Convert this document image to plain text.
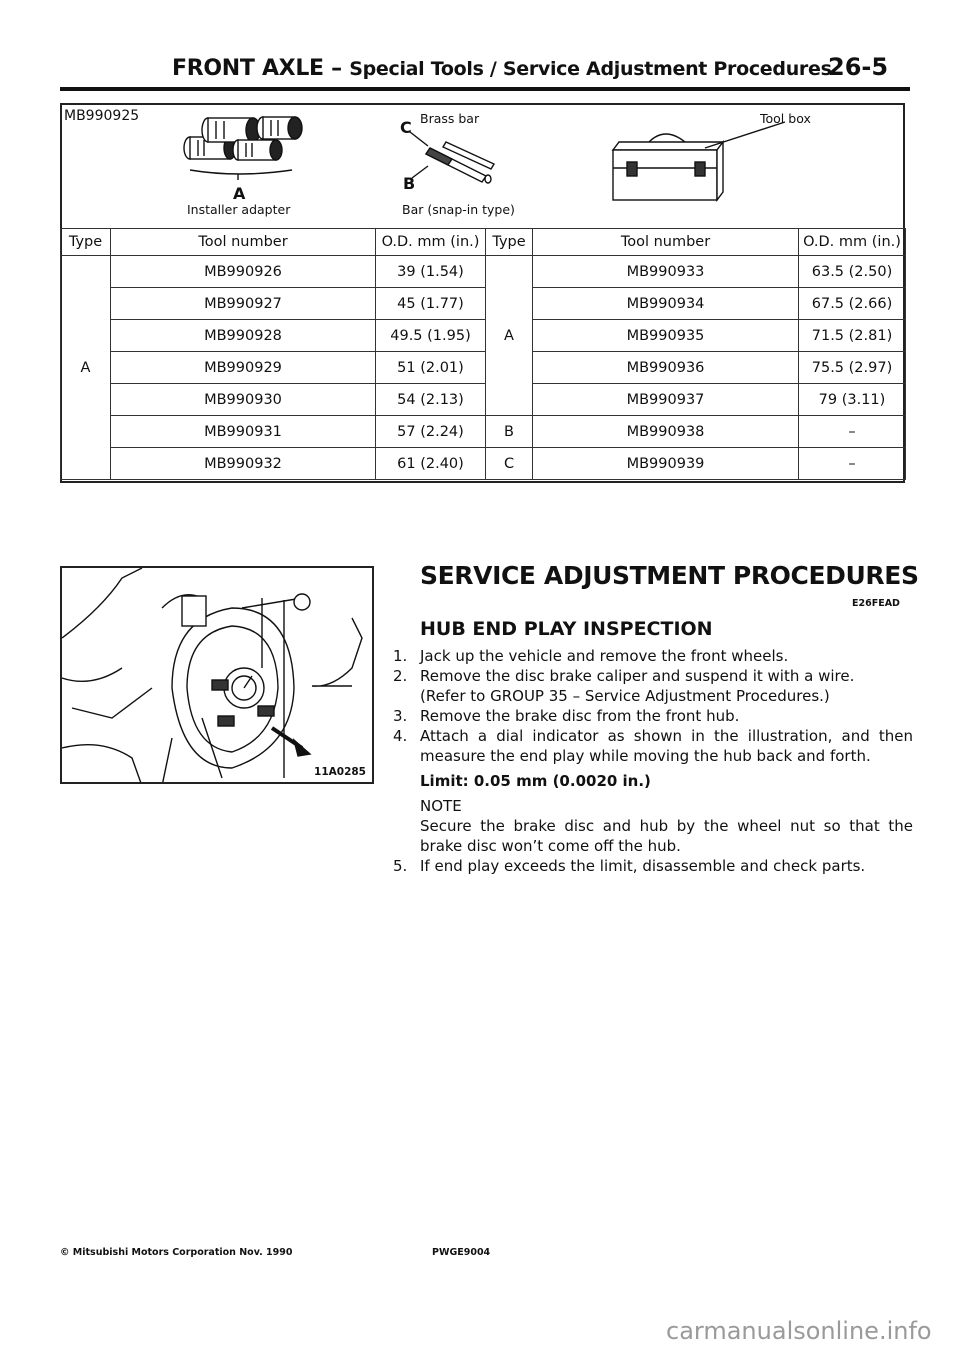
FRONT AXLE – Special Tools / Service Adjustment Procedures
26-5
MB990925
A
Installer adapter
C
B
Brass bar
Bar (snap-in type)
Tool box
Type	Tool number	O.D. mm (in.)	Type	Tool number	O.D. mm (in.)
A	MB990926	39 (1.54)	A	MB990933	63.5 (2.50)
	MB990927	45 (1.77)		MB990934	67.5 (2.66)
	MB990928	49.5 (1.95)		MB990935	71.5 (2.81)
	MB990929	51 (2.01)		MB990936	75.5 (2.97)
	MB990930	54 (2.13)		MB990937	79 (3.11)
	MB990931	57 (2.24)	B	MB990938	–
	MB990932	61 (2.40)	C	MB990939	–
11A0285
SERVICE ADJUSTMENT PROCEDURES
E26FEAD
HUB END PLAY INSPECTION
1. Jack up the vehicle and remove the front wheels.
2. Remove the disc brake caliper and suspend it with a wire.
(Refer to GROUP 35 – Service Adjustment Procedures.)
3. Remove the brake disc from the front hub.
4. Attach a dial indicator as shown in the illustration, and then measure the end play while moving the hub back and forth.
Limit: 0.05 mm (0.0020 in.)
NOTE
Secure the brake disc and hub by the wheel nut so that the brake disc won’t come off the hub.
5. If end play exceeds the limit, disassemble and check parts.
© Mitsubishi Motors Corporation Nov. 1990	PWGE9004
carmanualsonline.info
